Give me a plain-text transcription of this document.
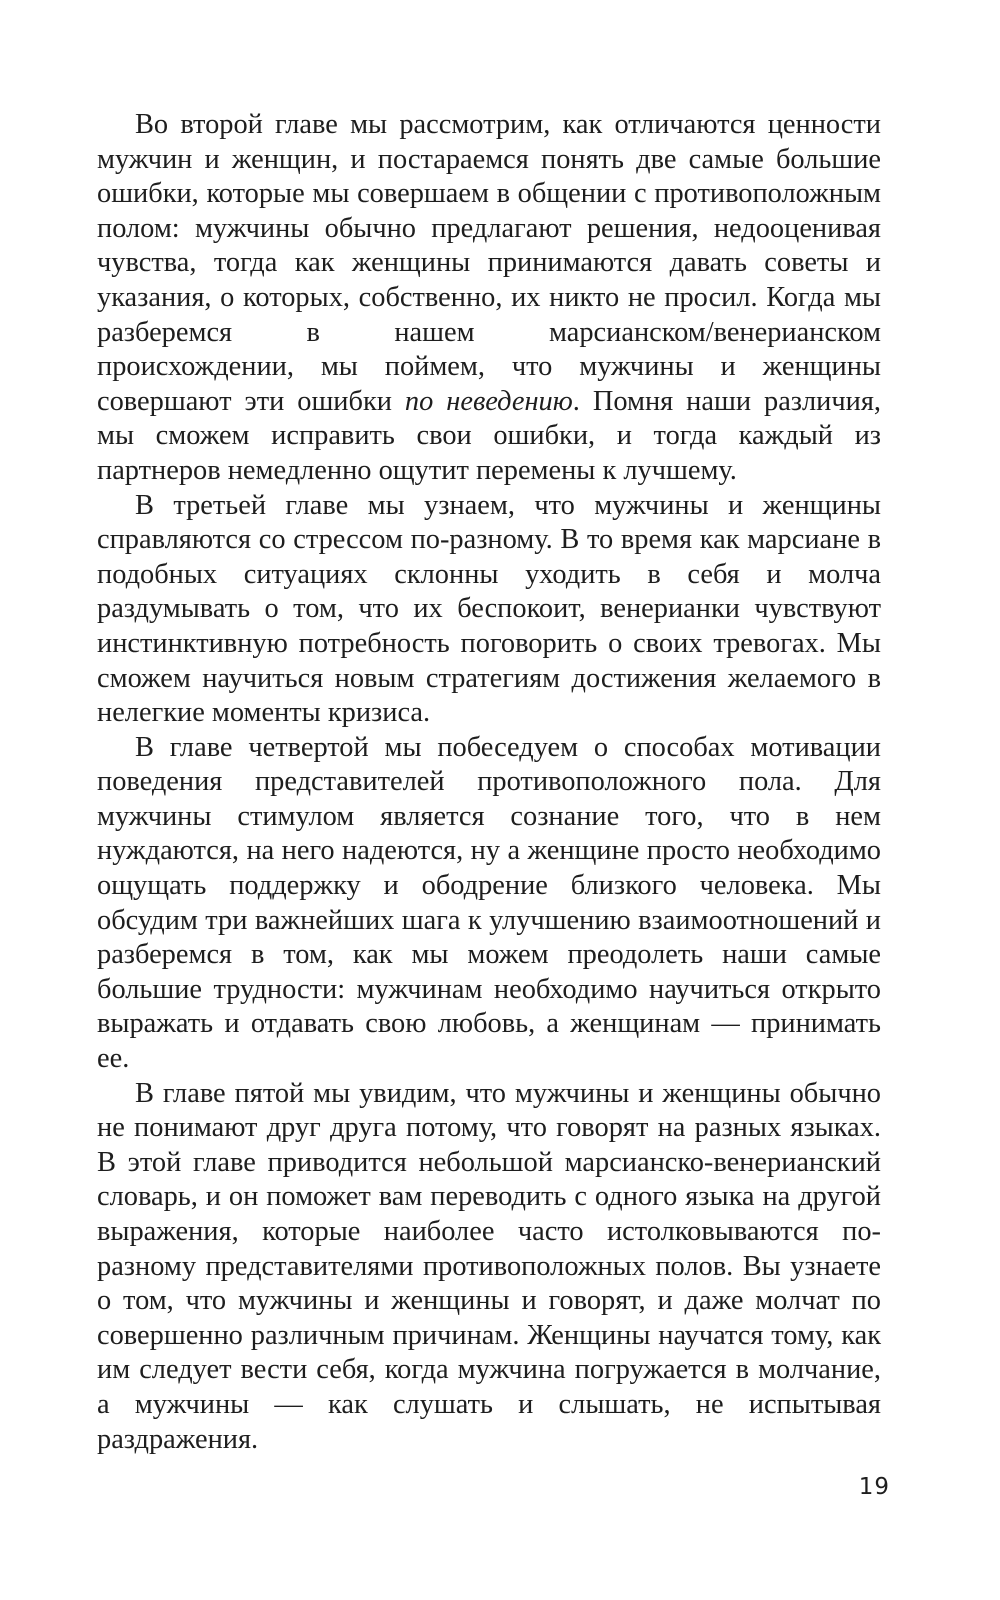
Во второй главе мы рассмотрим, как отличаются ценности мужчин и женщин, и постараемся понять две самые большие ошибки, которые мы совершаем в общении с противоположным полом: мужчины обычно предлагают решения, недооценивая чувства, тогда как женщины принимаются давать советы и указания, о которых, собственно, их никто не просил. Когда мы разберемся в нашем марсианском/венерианском происхождении, мы поймем, что мужчины и женщины совершают эти ошибки по неведению. Помня наши различия, мы сможем исправить свои ошибки, и тогда каждый из партнеров немедленно ощутит перемены к лучшему.

В третьей главе мы узнаем, что мужчины и женщины справляются со стрессом по-разному. В то время как марсиане в подобных ситуациях склонны уходить в себя и молча раздумывать о том, что их беспокоит, венерианки чувствуют инстинктивную потребность поговорить о своих тревогах. Мы сможем научиться новым стратегиям достижения желаемого в нелегкие моменты кризиса.

В главе четвертой мы побеседуем о способах мотивации поведения представителей противоположного пола. Для мужчины стимулом является сознание того, что в нем нуждаются, на него надеются, ну а женщине просто необходимо ощущать поддержку и ободрение близкого человека. Мы обсудим три важнейших шага к улучшению взаимоотношений и разберемся в том, как мы можем преодолеть наши самые большие трудности: мужчинам необходимо научиться открыто выражать и отдавать свою любовь, а женщинам — принимать ее.

В главе пятой мы увидим, что мужчины и женщины обычно не понимают друг друга потому, что говорят на разных языках. В этой главе приводится небольшой марсианско-венерианский словарь, и он поможет вам переводить с одного языка на другой выражения, которые наиболее часто истолковываются по-разному представителями противоположных полов. Вы узнаете о том, что мужчины и женщины и говорят, и даже молчат по совершенно различным причинам. Женщины научатся тому, как им следует вести себя, когда мужчина погружается в молчание, а мужчины — как слушать и слышать, не испытывая раздражения.

19
